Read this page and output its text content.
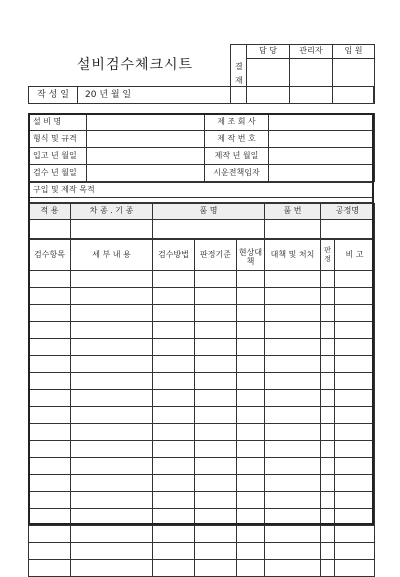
설비검수체크시트	결재	담 당	관리자	임 원

작 성 일	20 년 월 일
설 비 명		제 조 회 사	
형식 및 규격		제 작 번 호	
입고 년 월일		제작 년 월일	
검수 년 월일		시운전책임자	
구입 및 제작 목적

적 용	차 종 . 기 종	품 명	품 번	공정명

검수항목	세 부 내 용	검수방법	판정기준	현상대책	대책 및 처치	판정	비 고
